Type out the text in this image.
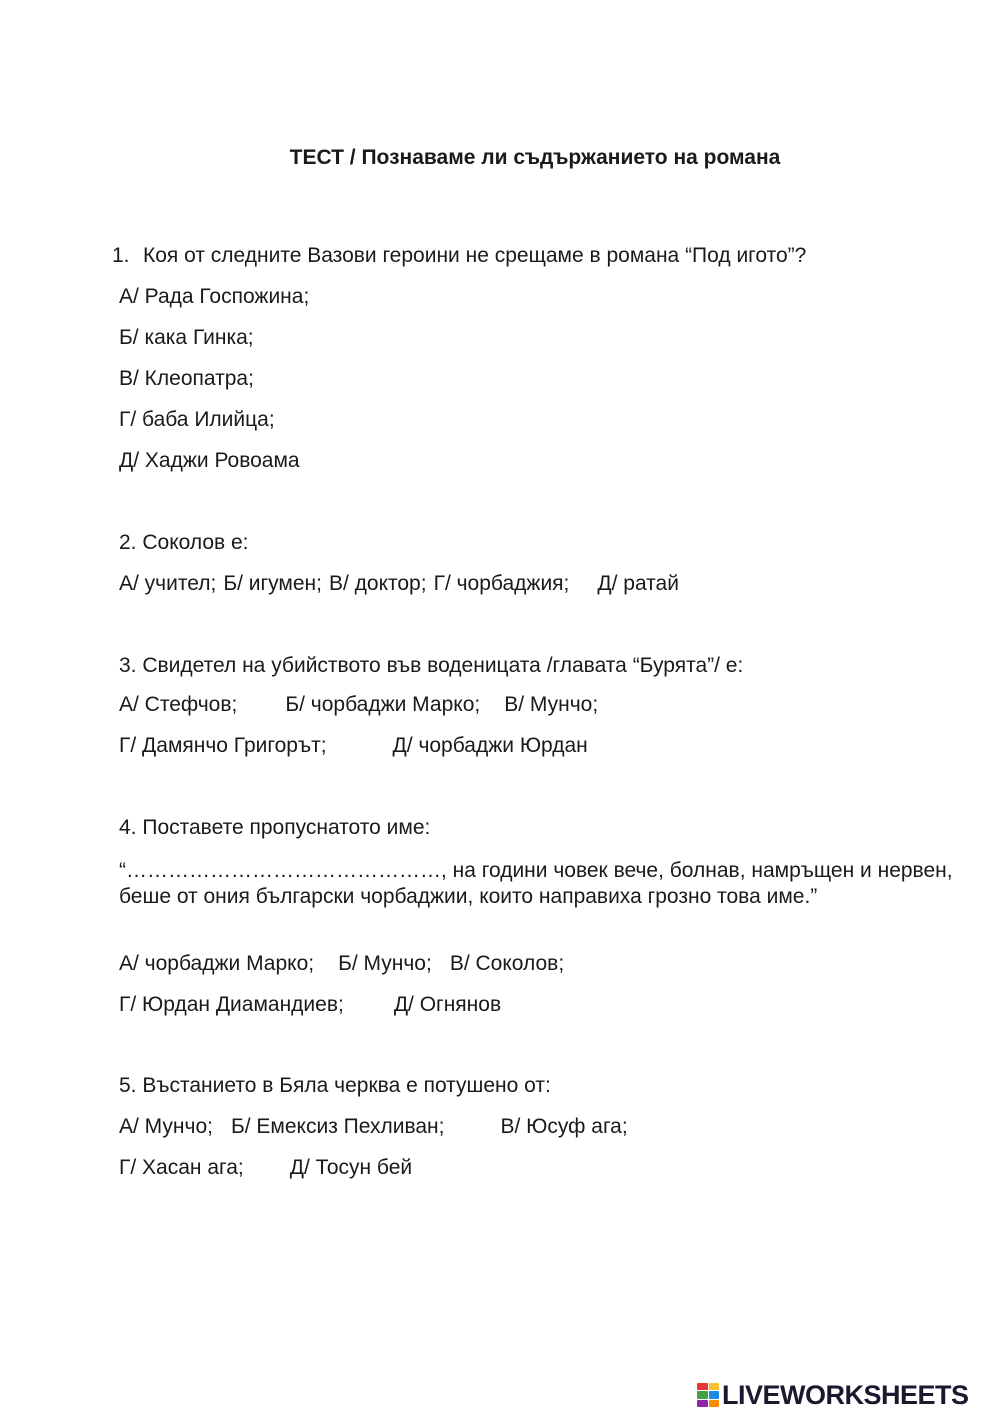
ТЕСТ / Познаваме ли съдържанието на романа
1. Коя от следните Вазови героини не срещаме в романа “Под игото”?
А/ Рада Госпожина;
Б/ кака Гинка;
В/ Клеопатра;
Г/ баба Илийца;
Д/ Хаджи Ровоама
2. Соколов е:
А/ учител; Б/ игумен; В/ доктор; Г/ чорбаджия; Д/ ратай
3. Свидетел на убийството във воденицата /главата “Бурята”/ е:
А/ Стефчов; Б/ чорбаджи Марко; В/ Мунчо;
Г/ Дамянчо Григорът;	Д/ чорбаджи Юрдан
4. Поставете пропуснатото име:
“………………………………………, на години човек вече, болнав, намръщен и нервен, беше от ония български чорбаджии, които направиха грозно това име.”
А/ чорбаджи Марко; Б/ Мунчо; В/ Соколов;
Г/ Юрдан Диамандиев; Д/ Огнянов
5. Въстанието в Бяла черква е потушено от:
А/ Мунчо; Б/ Емексиз Пехливан;	В/ Юсуф ага;
Г/ Хасан ага; Д/ Тосун бей
LIVEWORKSHEETS
